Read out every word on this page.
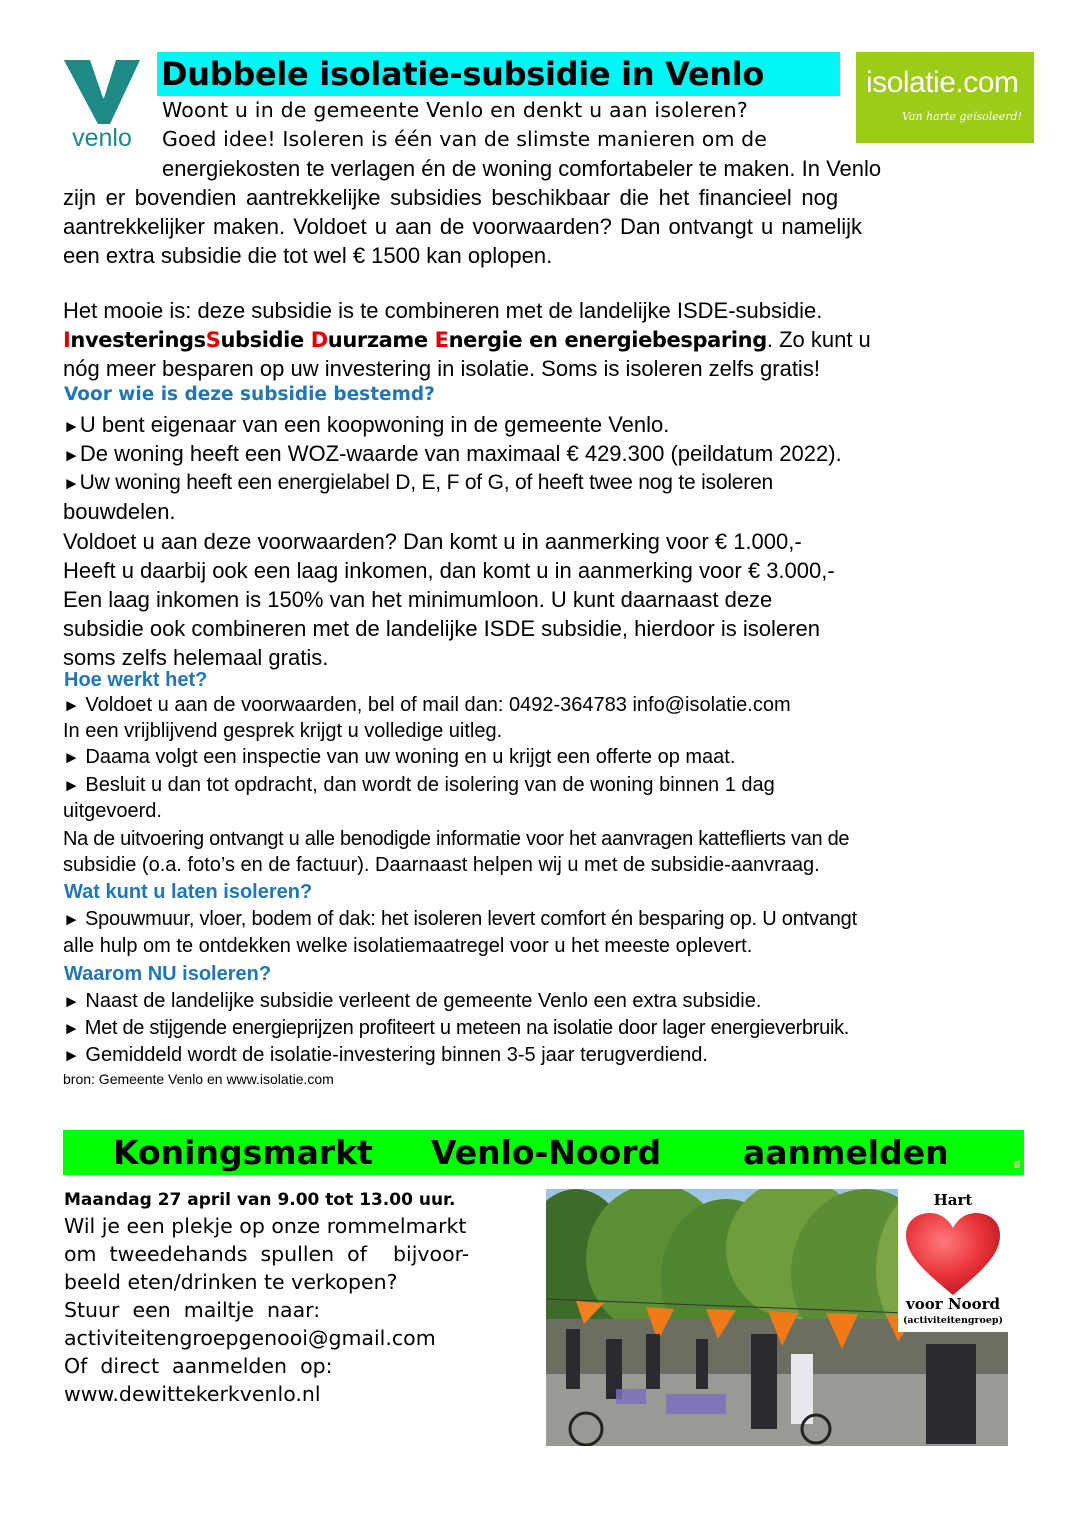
venlo
Dubbele isolatie-subsidie in Venlo	isolatie.com
Van harte geïsoleerd!
Woont u in de gemeente Venlo en denkt u aan isoleren?
Goed idee! Isoleren is één van de slimste manieren om de
energiekosten te verlagen én de woning comfortabeler te maken. In Venlo
zijn er bovendien aantrekkelijke subsidies beschikbaar die het financieel nog
aantrekkelijker maken. Voldoet u aan de voorwaarden? Dan ontvangt u namelijk
een extra subsidie die tot wel € 1500 kan oplopen.
Het mooie is: deze subsidie is te combineren met de landelijke ISDE-subsidie.
InvesteringsSubsidie Duurzame Energie en energiebesparing. Zo kunt u
nóg meer besparen op uw investering in isolatie. Soms is isoleren zelfs gratis!
Voor wie is deze subsidie bestemd?
►U bent eigenaar van een koopwoning in de gemeente Venlo.
►De woning heeft een WOZ-waarde van maximaal € 429.300 (peildatum 2022).
►Uw woning heeft een energielabel D, E, F of G, of heeft twee nog te isoleren
bouwdelen.
Voldoet u aan deze voorwaarden? Dan komt u in aanmerking voor € 1.000,-
Heeft u daarbij ook een laag inkomen, dan komt u in aanmerking voor € 3.000,-
Een laag inkomen is 150% van het minimumloon. U kunt daarnaast deze
subsidie ook combineren met de landelijke ISDE subsidie, hierdoor is isoleren
soms zelfs helemaal gratis.
Hoe werkt het?
► Voldoet u aan de voorwaarden, bel of mail dan: 0492-364783 info@isolatie.com
In een vrijblijvend gesprek krijgt u volledige uitleg.
► Daama volgt een inspectie van uw woning en u krijgt een offerte op maat.
► Besluit u dan tot opdracht, dan wordt de isolering van de woning binnen 1 dag
uitgevoerd.
Na de uitvoering ontvangt u alle benodigde informatie voor het aanvragen katteflierts van de
subsidie (o.a. foto’s en de factuur). Daarnaast helpen wij u met de subsidie-aanvraag.
Wat kunt u laten isoleren?
► Spouwmuur, vloer, bodem of dak: het isoleren levert comfort én besparing op. U ontvangt
alle hulp om te ontdekken welke isolatiemaatregel voor u het meeste oplevert.
Waarom NU isoleren?
► Naast de landelijke subsidie verleent de gemeente Venlo een extra subsidie.
► Met de stijgende energieprijzen profiteert u meteen na isolatie door lager energieverbruik.
► Gemiddeld wordt de isolatie-investering binnen 3-5 jaar terugverdiend.
bron: Gemeente Venlo en www.isolatie.com
Koningsmarkt Venlo-Noord aanmelden
Maandag 27 april van 9.00 tot 13.00 uur.
Wil je een plekje op onze rommelmarkt
om  tweedehands  spullen  of    bijvoor-
beeld eten/drinken te verkopen?
Stuur  een  mailtje  naar:
activiteitengroepgenooi@gmail.com
Of  direct  aanmelden  op:
www.dewittekerkvenlo.nl
Hart
voor Noord
(activiteitengroep)
